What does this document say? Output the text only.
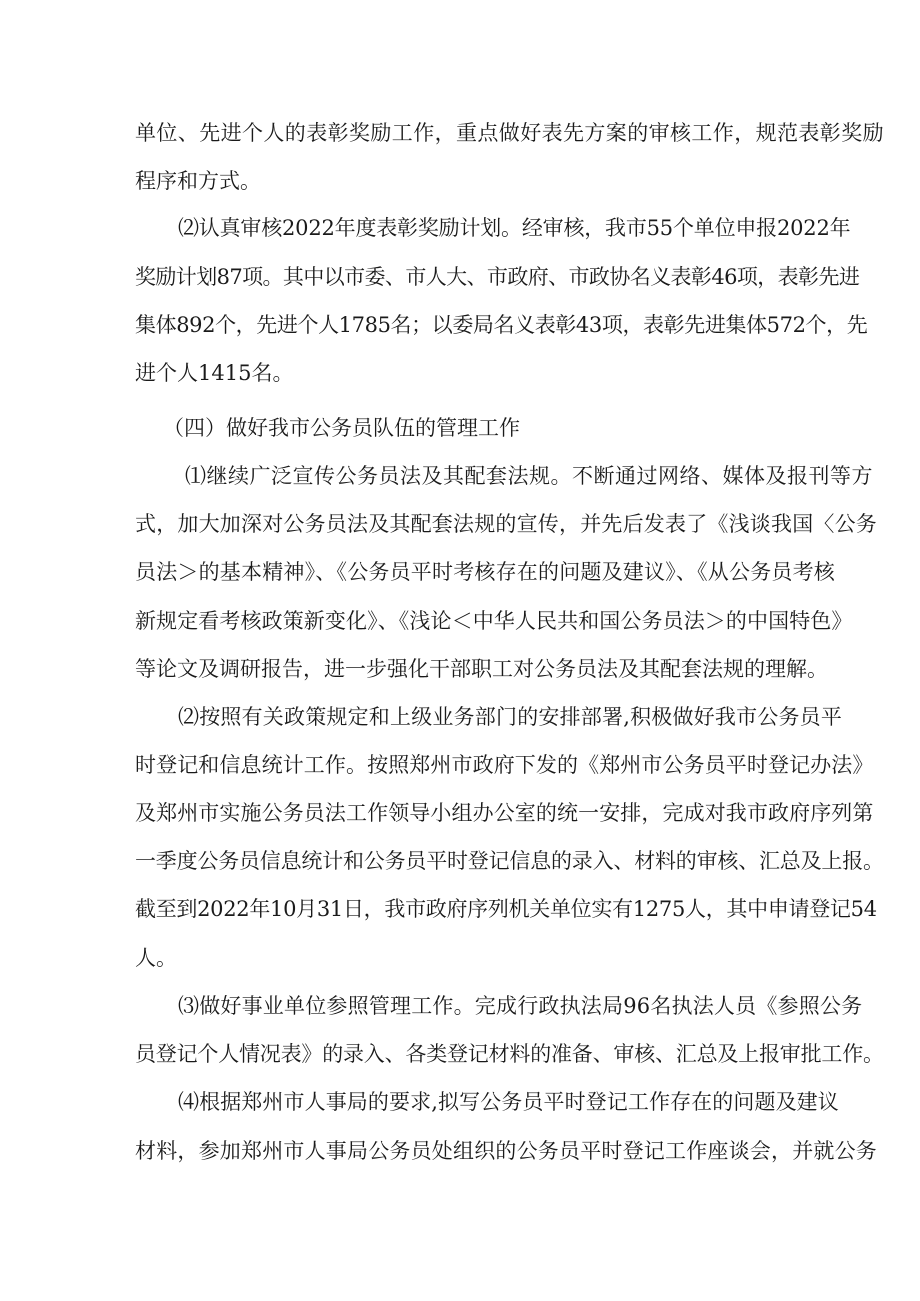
单位、先进个人的表彰奖励工作，重点做好表先方案的审核工作，规范表彰奖励
程序和方式。
⑵认真审核2022年度表彰奖励计划。经审核，我市55个单位申报2022年
奖励计划87项。其中以市委、市人大、市政府、市政协名义表彰46项，表彰先进
集体892个，先进个人1785名；以委局名义表彰43项，表彰先进集体572个，先
进个人1415名。
（四）做好我市公务员队伍的管理工作
⑴继续广泛宣传公务员法及其配套法规。不断通过网络、媒体及报刊等方
式，加大加深对公务员法及其配套法规的宣传，并先后发表了《浅谈我国〈公务
员法＞的基本精神》、《公务员平时考核存在的问题及建议》、《从公务员考核
新规定看考核政策新变化》、《浅论＜中华人民共和国公务员法＞的中国特色》
等论文及调研报告，进一步强化干部职工对公务员法及其配套法规的理解。
⑵按照有关政策规定和上级业务部门的安排部署,积极做好我市公务员平
时登记和信息统计工作。按照郑州市政府下发的《郑州市公务员平时登记办法》
及郑州市实施公务员法工作领导小组办公室的统一安排，完成对我市政府序列第
一季度公务员信息统计和公务员平时登记信息的录入、材料的审核、汇总及上报。
截至到2022年10月31日，我市政府序列机关单位实有1275人，其中申请登记54
人。
⑶做好事业单位参照管理工作。完成行政执法局96名执法人员《参照公务
员登记个人情况表》的录入、各类登记材料的准备、审核、汇总及上报审批工作。
⑷根据郑州市人事局的要求,拟写公务员平时登记工作存在的问题及建议
材料，参加郑州市人事局公务员处组织的公务员平时登记工作座谈会，并就公务
